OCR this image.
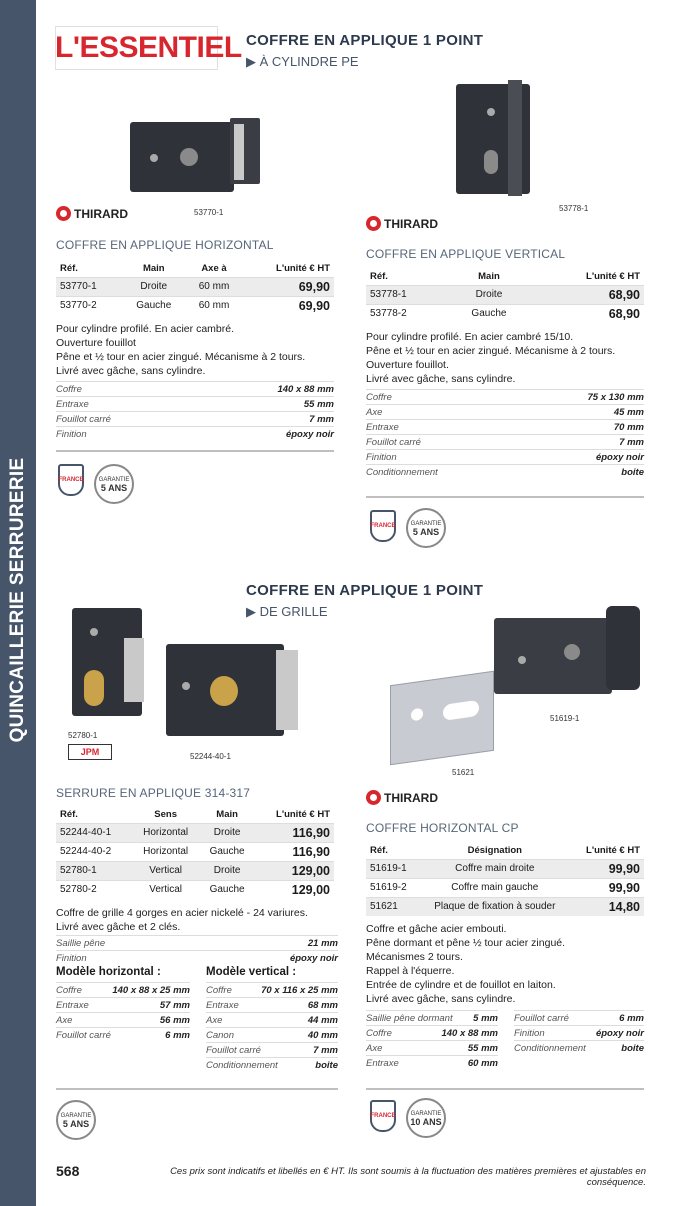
QUINCAILLERIE SERRURERIE
L'ESSENTIEL COFFRE EN APPLIQUE 1 POINT
▶ À CYLINDRE PE
THIRARD	53770-1
COFFRE EN APPLIQUE HORIZONTAL
Réf.	Main	Axe à	L'unité € HT
53770-1	Droite	60 mm	69,90
53770-2	Gauche	60 mm	69,90
Pour cylindre profilé. En acier cambré.
Ouverture fouillot
Pêne et ½ tour en acier zingué. Mécanisme à 2 tours.
Livré avec gâche, sans cylindre.
Coffre	140 x 88 mm
Entraxe	55 mm
Fouillot carré	7 mm
Finition	époxy noir
FRANCE	GARANTIE
5 ANS
53778-1
THIRARD
COFFRE EN APPLIQUE VERTICAL
Réf.	Main	L'unité € HT
53778-1	Droite	68,90
53778-2	Gauche	68,90
Pour cylindre profilé. En acier cambré 15/10.
Pêne et ½ tour en acier zingué. Mécanisme à 2 tours.
Ouverture fouillot.
Livré avec gâche, sans cylindre.
Coffre	75 x 130 mm
Axe	45 mm
Entraxe	70 mm
Fouillot carré	7 mm
Finition	époxy noir
Conditionnement	boite
FRANCE	GARANTIE
5 ANS
COFFRE EN APPLIQUE 1 POINT
▶ DE GRILLE
52780-1
JPM	52244-40-1
SERRURE EN APPLIQUE 314-317
Réf.	Sens	Main	L'unité € HT
52244-40-1	Horizontal	Droite	116,90
52244-40-2	Horizontal	Gauche	116,90
52780-1	Vertical	Droite	129,00
52780-2	Vertical	Gauche	129,00
Coffre de grille 4 gorges en acier nickelé - 24 variures.
Livré avec gâche et 2 clés.
Saillie pêne	21 mm
Finition	époxy noir
Modèle horizontal :
Coffre	140 x 88 x 25 mm
Entraxe	57 mm
Axe	56 mm
Fouillot carré	6 mm
Modèle vertical :
Coffre	70 x 116 x 25 mm
Entraxe	68 mm
Axe	44 mm
Canon	40 mm
Fouillot carré	7 mm
Conditionnement	boite
GARANTIE
5 ANS
51619-1
51621
THIRARD
COFFRE HORIZONTAL CP
Réf.	Désignation	L'unité € HT
51619-1	Coffre main droite	99,90
51619-2	Coffre main gauche	99,90
51621	Plaque de fixation à souder	14,80
Coffre et gâche acier embouti.
Pêne dormant et pêne ½ tour acier zingué.
Mécanismes 2 tours.
Rappel à l'équerre.
Entrée de cylindre et de fouillot en laiton.
Livré avec gâche, sans cylindre.
Saillie pêne dormant 5 mm
Coffre	140 x 88 mm
Axe	55 mm
Entraxe	60 mm
Fouillot carré	6 mm
Finition	époxy noir
Conditionnement	boite
FRANCE	GARANTIE
10 ANS
568	Ces prix sont indicatifs et libellés en € HT. Ils sont soumis à la fluctuation des matières premières et ajustables en conséquence.
